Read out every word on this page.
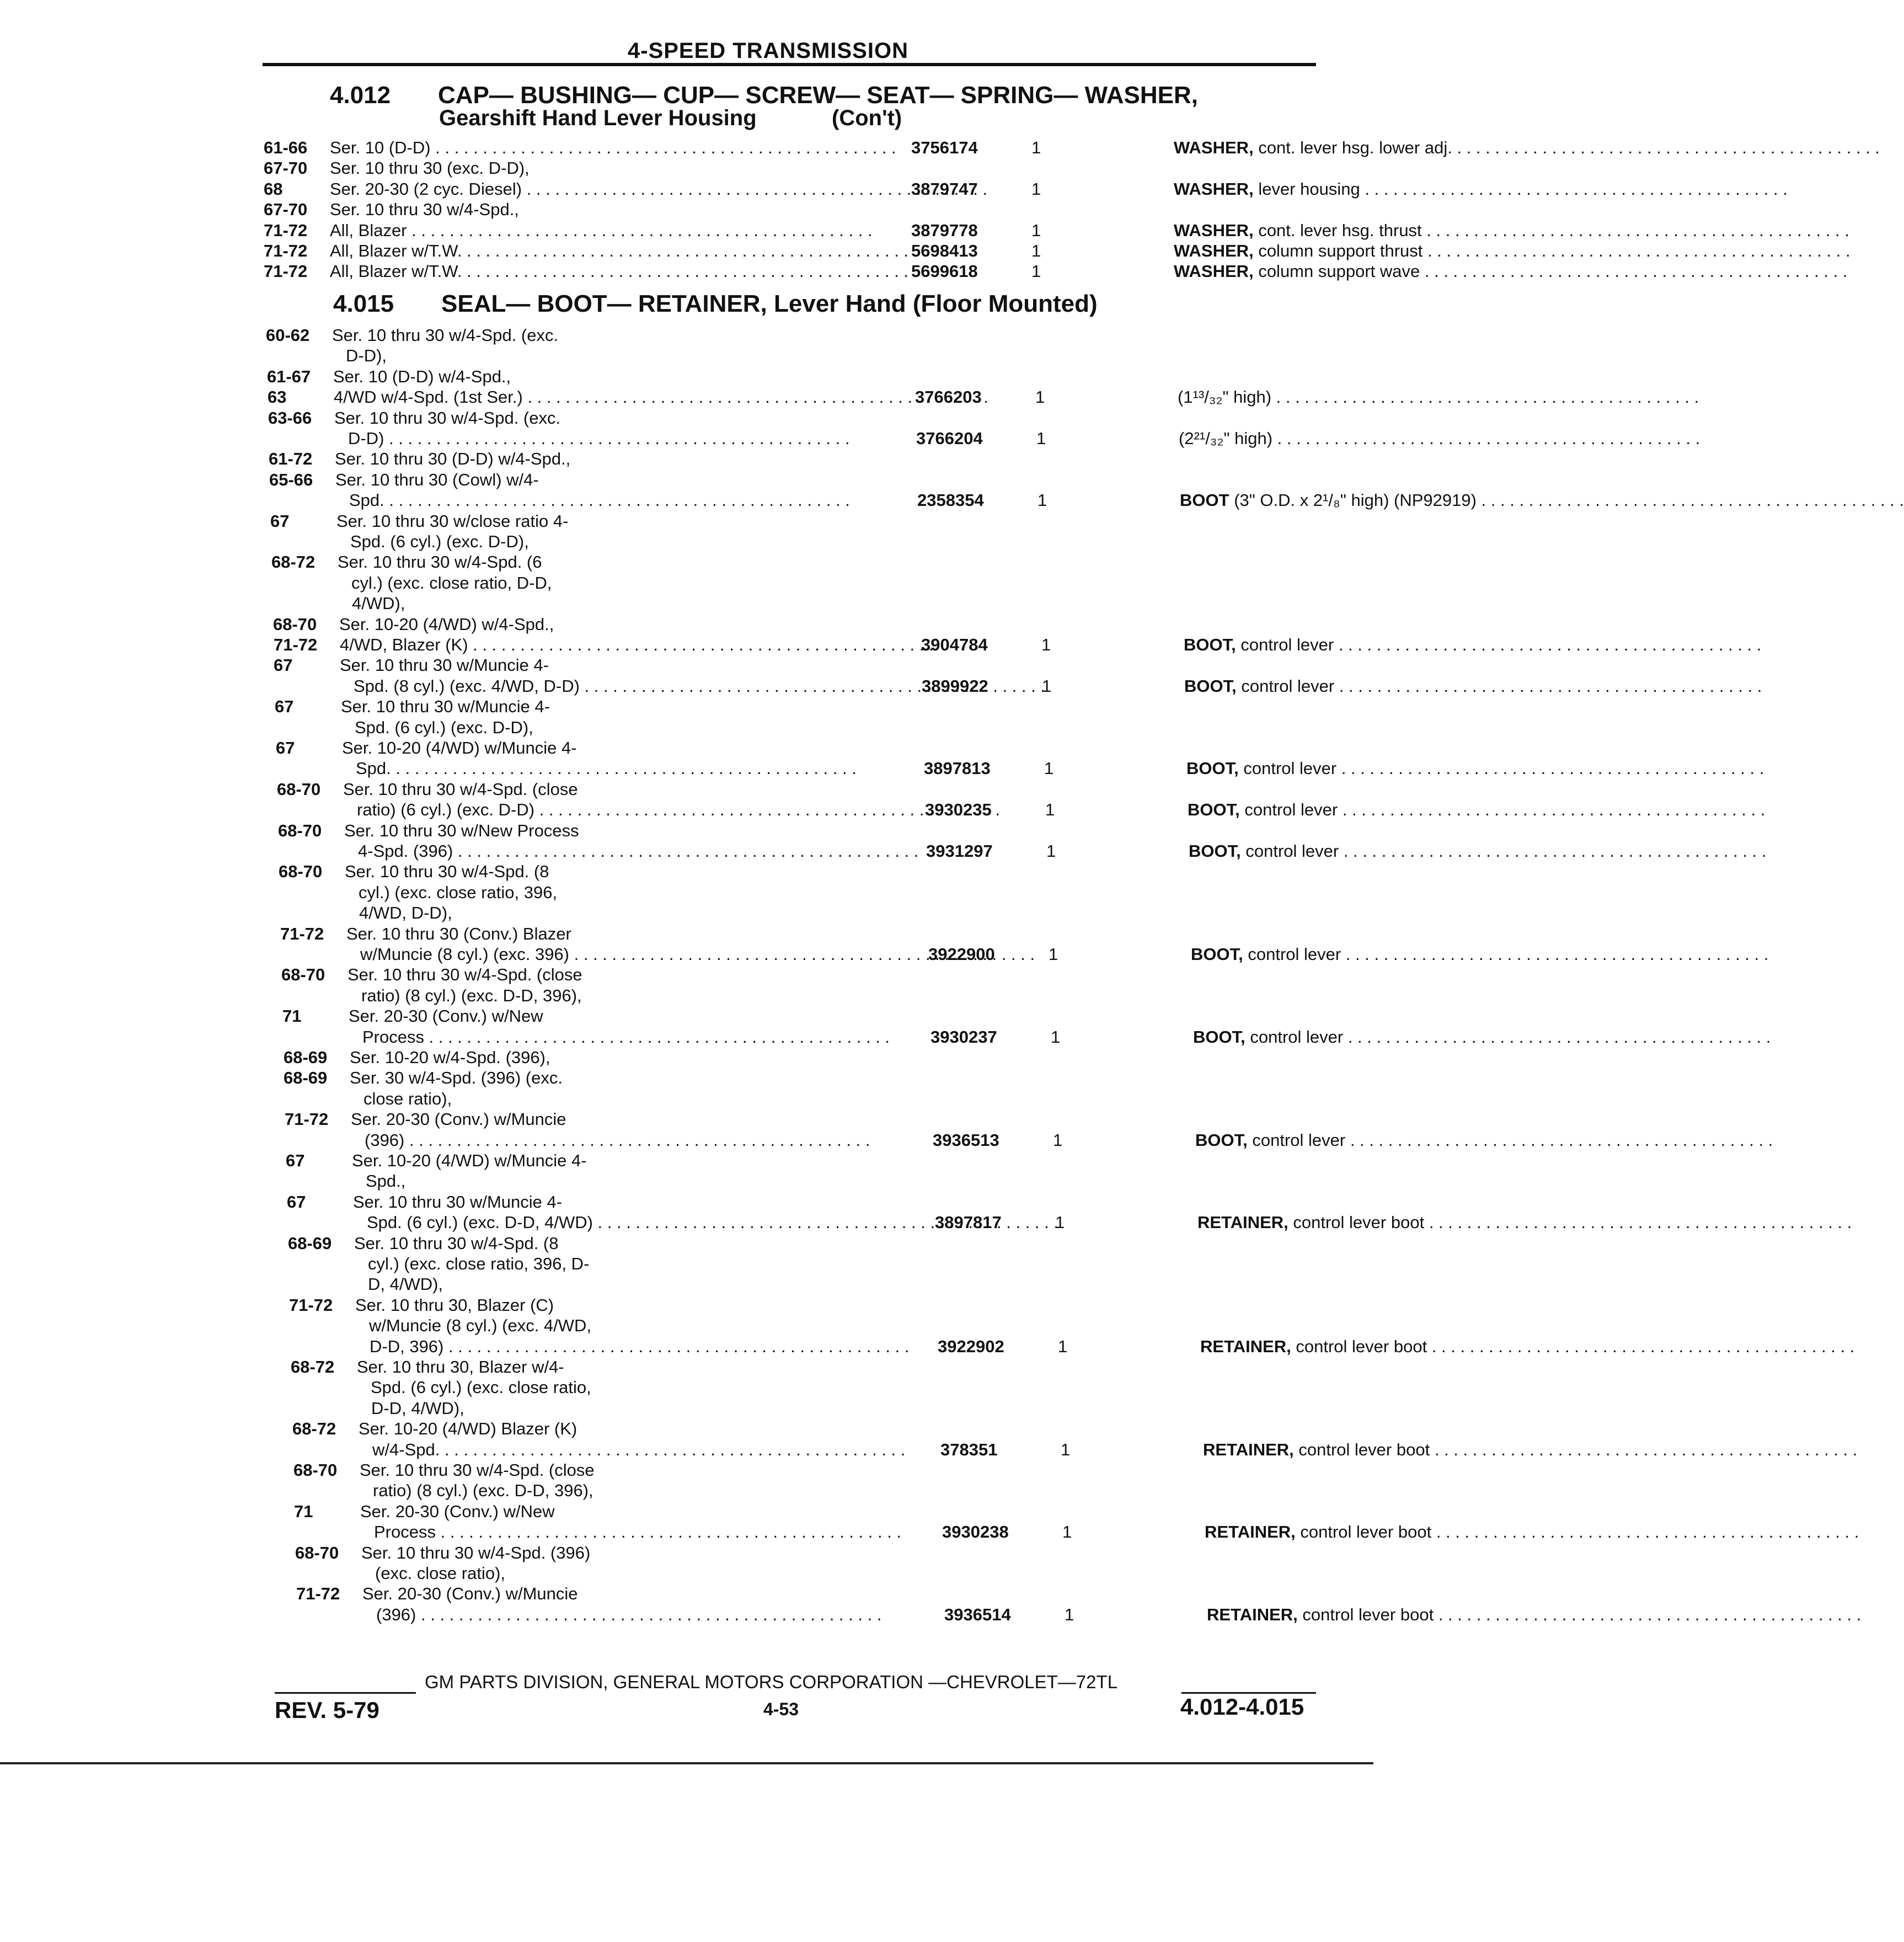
4-SPEED TRANSMISSION
4.012 CAP— BUSHING— CUP— SCREW— SEAT— SPRING— WASHER,
Gearshift Hand Lever Housing	(Con't)
4.015 SEAL— BOOT— RETAINER, Lever Hand (Floor Mounted)
61-66	Ser. 10 (D-D) . . .	3756174	1	WASHER, cont. lever hsg. lower adj. . . .
67-70	Ser. 10 thru 30 (exc. D-D),
68	Ser. 20-30 (2 cyc. Diesel) . . .	3879747	1	WASHER, lever housing . . .
67-70	Ser. 10 thru 30 w/4-Spd.,
71-72	All, Blazer . . .	3879778	1	WASHER, cont. lever hsg. thrust . . .
71-72	All, Blazer w/T.W. . . .	5698413	1	WASHER, column support thrust . . .
71-72	All, Blazer w/T.W. . . .	5699618	1	WASHER, column support wave . . .
60-62	Ser. 10 thru 30 w/4-Spd. (exc.
D-D),
61-67	Ser. 10 (D-D) w/4-Spd.,
63	4/WD w/4-Spd. (1st Ser.) . . .	3766203	1	(1¹³/₃₂" high) . . .
63-66	Ser. 10 thru 30 w/4-Spd. (exc.
D-D) . . .	3766204	1	(2²¹/₃₂" high) . . .
61-72	Ser. 10 thru 30 (D-D) w/4-Spd.,
65-66	Ser. 10 thru 30 (Cowl) w/4-
Spd. . . .	2358354	1	BOOT (3" O.D. x 2¹/₈" high) (NP92919) . . .
67	Ser. 10 thru 30 w/close ratio 4-
Spd. (6 cyl.) (exc. D-D),
68-72	Ser. 10 thru 30 w/4-Spd. (6
cyl.) (exc. close ratio, D-D,
4/WD),
68-70	Ser. 10-20 (4/WD) w/4-Spd.,
71-72	4/WD, Blazer (K) . . .	3904784	1	BOOT, control lever . . .
67	Ser. 10 thru 30 w/Muncie 4-
Spd. (8 cyl.) (exc. 4/WD, D-D) . . .	3899922	1	BOOT, control lever . . .
67	Ser. 10 thru 30 w/Muncie 4-
Spd. (6 cyl.) (exc. D-D),
67	Ser. 10-20 (4/WD) w/Muncie 4-
Spd. . . .	3897813	1	BOOT, control lever . . .
68-70	Ser. 10 thru 30 w/4-Spd. (close
ratio) (6 cyl.) (exc. D-D) . . .	3930235	1	BOOT, control lever . . .
68-70	Ser. 10 thru 30 w/New Process
4-Spd. (396) . . .	3931297	1	BOOT, control lever . . .
68-70	Ser. 10 thru 30 w/4-Spd. (8
cyl.) (exc. close ratio, 396,
4/WD, D-D),
71-72	Ser. 10 thru 30 (Conv.) Blazer
w/Muncie (8 cyl.) (exc. 396) . . .	3922900	1	BOOT, control lever . . .
68-70	Ser. 10 thru 30 w/4-Spd. (close
ratio) (8 cyl.) (exc. D-D, 396),
71	Ser. 20-30 (Conv.) w/New
Process . . .	3930237	1	BOOT, control lever . . .
68-69	Ser. 10-20 w/4-Spd. (396),
68-69	Ser. 30 w/4-Spd. (396) (exc.
close ratio),
71-72	Ser. 20-30 (Conv.) w/Muncie
(396) . . .	3936513	1	BOOT, control lever . . .
67	Ser. 10-20 (4/WD) w/Muncie 4-
Spd.,
67	Ser. 10 thru 30 w/Muncie 4-
Spd. (6 cyl.) (exc. D-D, 4/WD) . . .	3897817	1	RETAINER, control lever boot . . .
68-69	Ser. 10 thru 30 w/4-Spd. (8
cyl.) (exc. close ratio, 396, D-
D, 4/WD),
71-72	Ser. 10 thru 30, Blazer (C)
w/Muncie (8 cyl.) (exc. 4/WD,
D-D, 396) . . .	3922902	1	RETAINER, control lever boot . . .
68-72	Ser. 10 thru 30, Blazer w/4-
Spd. (6 cyl.) (exc. close ratio,
D-D, 4/WD),
68-72	Ser. 10-20 (4/WD) Blazer (K)
w/4-Spd. . . .	378351	1	RETAINER, control lever boot . . .
68-70	Ser. 10 thru 30 w/4-Spd. (close
ratio) (8 cyl.) (exc. D-D, 396),
71	Ser. 20-30 (Conv.) w/New
Process . . .	3930238	1	RETAINER, control lever boot . . .
68-70	Ser. 10 thru 30 w/4-Spd. (396)
(exc. close ratio),
71-72	Ser. 20-30 (Conv.) w/Muncie
(396) . . .	3936514	1	RETAINER, control lever boot . . .
GM PARTS DIVISION, GENERAL MOTORS CORPORATION —CHEVROLET—72TL
REV. 5-79	4-53	4.012-4.015
